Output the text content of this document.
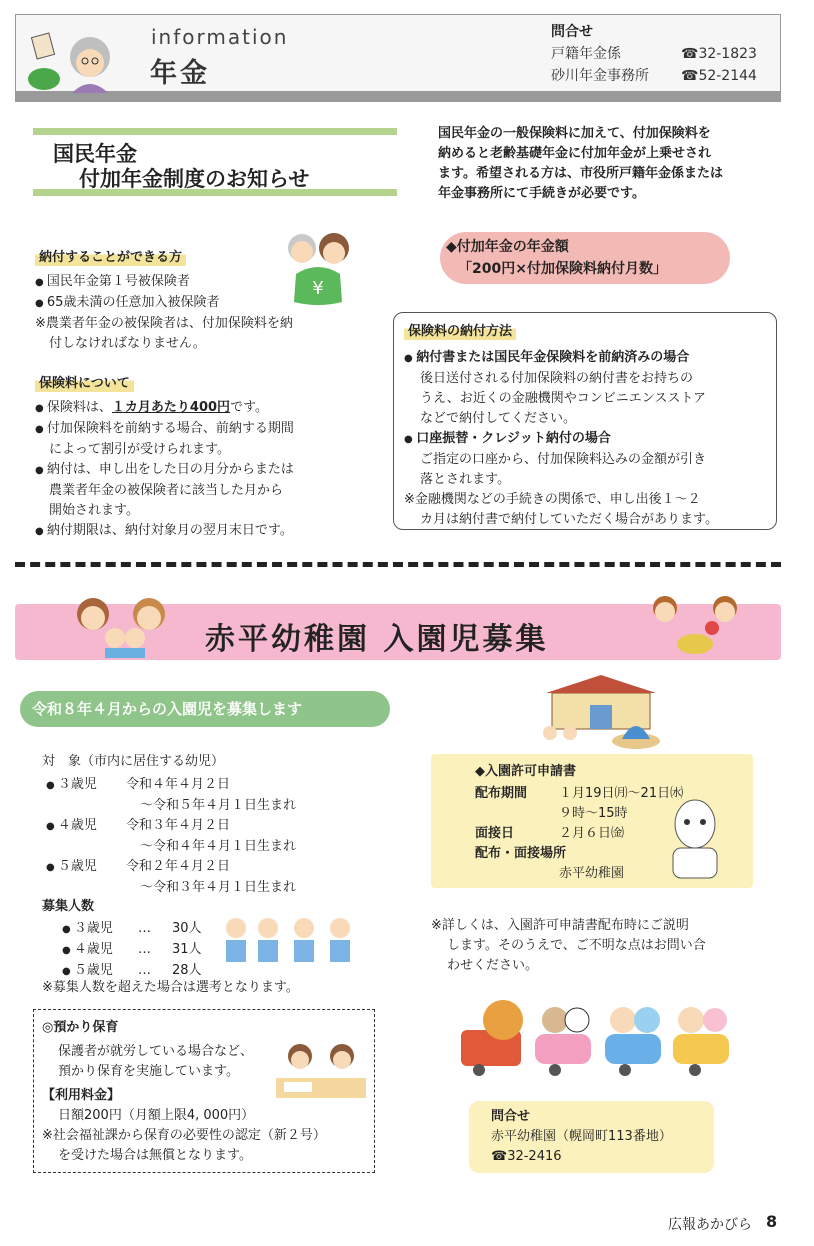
information
年金
問合せ
戸籍年金係	☎32-1823
砂川年金事務所 ☎52-2144
国民年金
付加年金制度のお知らせ
国民年金の一般保険料に加えて、付加保険料を
納めると老齢基礎年金に付加年金が上乗せされ
ます。希望される方は、市役所戸籍年金係または
年金事務所にて手続きが必要です。
納付することができる方
¥
● 国民年金第１号被保険者
● 65歳未満の任意加入被保険者
※農業者年金の被保険者は、付加保険料を納
付しなければなりません。
保険料について
● 保険料は、１カ月あたり400円です。
● 付加保険料を前納する場合、前納する期間
によって割引が受けられます。
● 納付は、申し出をした日の月分からまたは
農業者年金の被保険者に該当した月から
開始されます。
● 納付期限は、納付対象月の翌月末日です。
◆付加年金の年金額
「200円×付加保険料納付月数」
保険料の納付方法
● 納付書または国民年金保険料を前納済みの場合
後日送付される付加保険料の納付書をお持ちの
うえ、お近くの金融機関やコンビニエンスストア
などで納付してください。
● 口座振替・クレジット納付の場合
ご指定の口座から、付加保険料込みの金額が引き
落とされます。
※金融機関などの手続きの関係で、申し出後１～２
カ月は納付書で納付していただく場合があります。
赤平幼稚園 入園児募集
令和８年４月からの入園児を募集します
対　象（市内に居住する幼児）
● ３歳児 令和４年４月２日
～令和５年４月１日生まれ
● ４歳児 令和３年４月２日
～令和４年４月１日生まれ
● ５歳児 令和２年４月２日
～令和３年４月１日生まれ
募集人数
● ３歳児 … 30人
● ４歳児 … 31人
● ５歳児 … 28人
※募集人数を超えた場合は選考となります。
◎預かり保育
保護者が就労している場合など、
預かり保育を実施しています。
【利用料金】
日額200円（月額上限4, 000円）
※社会福祉課から保育の必要性の認定（新２号）
を受けた場合は無償となります。
◆入園許可申請書
配布期間 １月19日㈪～21日㈬
９時～15時
面接日	２月６日㈮
配布・面接場所
赤平幼稚園
※詳しくは、入園許可申請書配布時にご説明
します。そのうえで、ご不明な点はお問い合
わせください。
問合せ
赤平幼稚園（幌岡町113番地）
☎32-2416
広報あかびら 8
